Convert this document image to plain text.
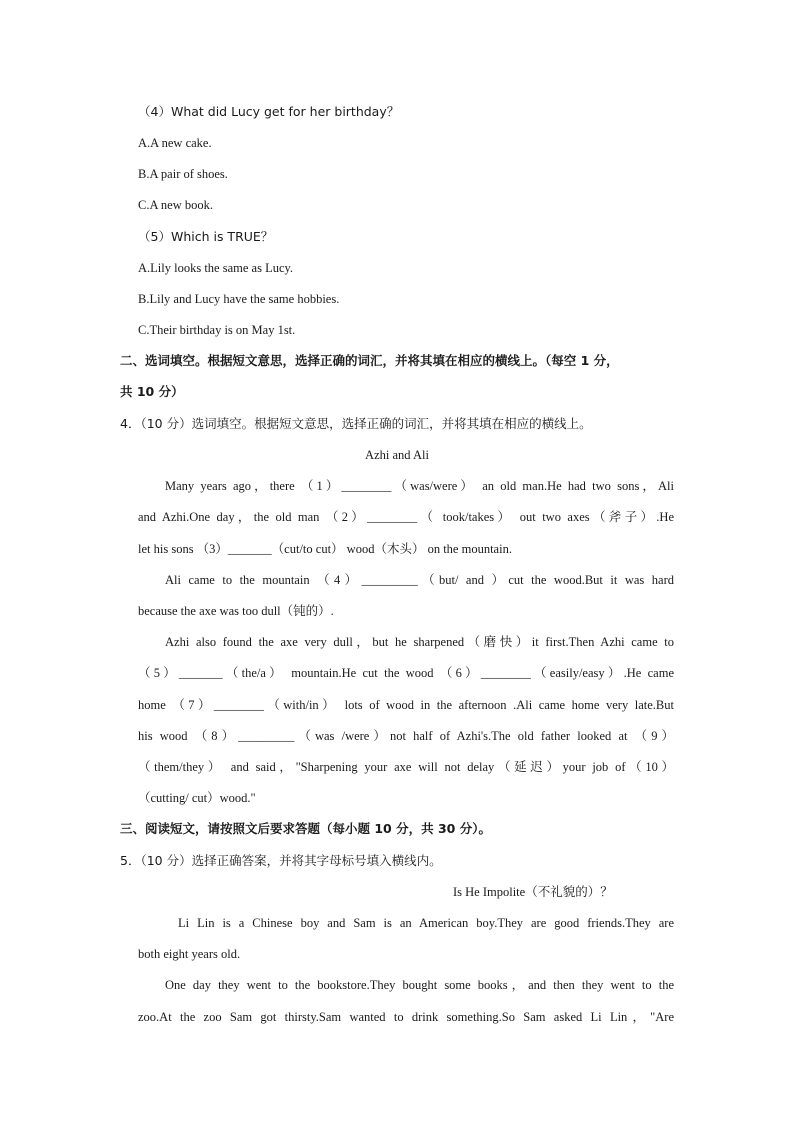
（4）What did Lucy get for her birthday？
A.A new cake.
B.A pair of shoes.
C.A new book.
（5）Which is TRUE？
A.Lily looks the same as Lucy.
B.Lily and Lucy have the same hobbies.
C.Their birthday is on May 1st.
二、选词填空。根据短文意思，选择正确的词汇，并将其填在相应的横线上。（每空 1 分，
共 10 分）
4．（10 分）选词填空。根据短文意思，选择正确的词汇，并将其填在相应的横线上。
Azhi and Ali
Many years ago，there （1）________（was/were） an old man.He had two sons，Ali
and Azhi.One day，the old man （2）________（ took/takes） out two axes（斧子）.He
let his sons （3）_______（cut/to cut） wood（木头） on the mountain.
Ali came to the mountain （4）_________（but/ and ）cut the wood.But it was hard
because the axe was too dull（钝的）.
Azhi also found the axe very dull，but he sharpened（磨快）it first.Then Azhi came to
（5）_______（the/a） mountain.He cut the wood （6）________（easily/easy）.He came
home （7）________（with/in） lots of wood in the afternoon .Ali came home very late.But
his wood （8）_________（was /were）not half of Azhi's.The old father looked at （9）
（them/they） and said，"Sharpening your axe will not delay（延迟）your job of（10）
（cutting/ cut）wood."
三、阅读短文，请按照文后要求答题（每小题 10 分，共 30 分）。
5．（10 分）选择正确答案，并将其字母标号填入横线内。
Is He Impolite（不礼貌的）？
Li Lin is a Chinese boy and Sam is an American boy.They are good friends.They are
both eight years old.
One day they went to the bookstore.They bought some books，and then they went to the
zoo.At the zoo Sam got thirsty.Sam wanted to drink something.So Sam asked Li Lin，"Are
